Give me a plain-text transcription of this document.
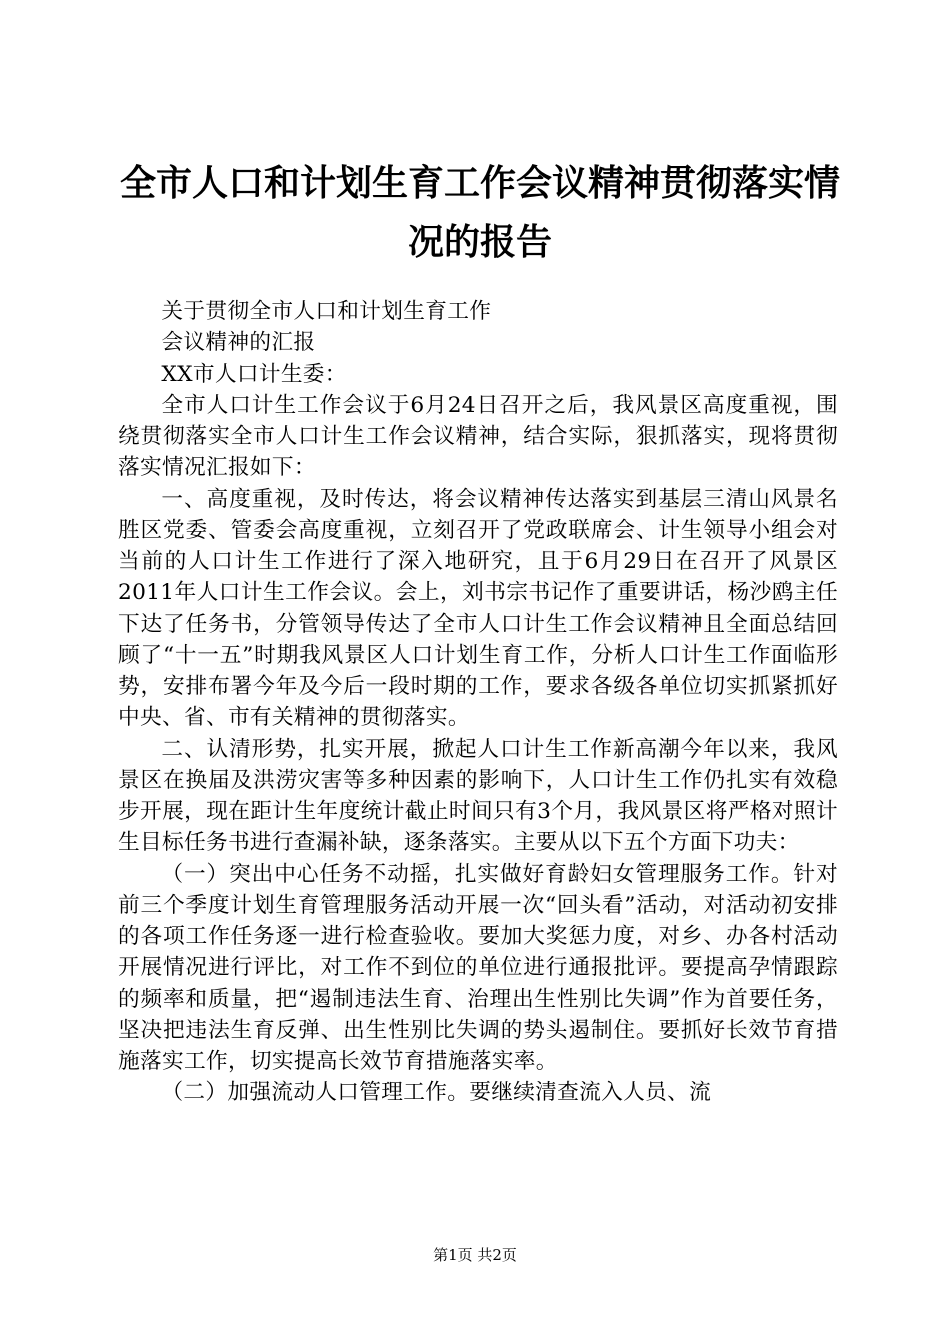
全市人口和计划生育工作会议精神贯彻落实情
况的报告

关于贯彻全市人口和计划生育工作

会议精神的汇报

XX市人口计生委：

全市人口计生工作会议于6月24日召开之后，我风景区高度重视，围绕贯彻落实全市人口计生工作会议精神，结合实际，狠抓落实，现将贯彻落实情况汇报如下：

一、高度重视，及时传达，将会议精神传达落实到基层三清山风景名胜区党委、管委会高度重视，立刻召开了党政联席会、计生领导小组会对当前的人口计生工作进行了深入地研究，且于6月29日在召开了风景区2011年人口计生工作会议。会上，刘书宗书记作了重要讲话，杨沙鸥主任下达了任务书，分管领导传达了全市人口计生工作会议精神且全面总结回顾了“十一五”时期我风景区人口计划生育工作，分析人口计生工作面临形势，安排布署今年及今后一段时期的工作，要求各级各单位切实抓紧抓好中央、省、市有关精神的贯彻落实。

二、认清形势，扎实开展，掀起人口计生工作新高潮今年以来，我风景区在换届及洪涝灾害等多种因素的影响下，人口计生工作仍扎实有效稳步开展，现在距计生年度统计截止时间只有3个月，我风景区将严格对照计生目标任务书进行查漏补缺，逐条落实。主要从以下五个方面下功夫：

（一）突出中心任务不动摇，扎实做好育龄妇女管理服务工作。针对前三个季度计划生育管理服务活动开展一次“回头看”活动，对活动初安排的各项工作任务逐一进行检查验收。要加大奖惩力度，对乡、办各村活动开展情况进行评比，对工作不到位的单位进行通报批评。要提高孕情跟踪的频率和质量，把“遏制违法生育、治理出生性别比失调”作为首要任务，坚决把违法生育反弹、出生性别比失调的势头遏制住。要抓好长效节育措施落实工作，切实提高长效节育措施落实率。

（二）加强流动人口管理工作。要继续清查流入人员、流

第1页 共2页
